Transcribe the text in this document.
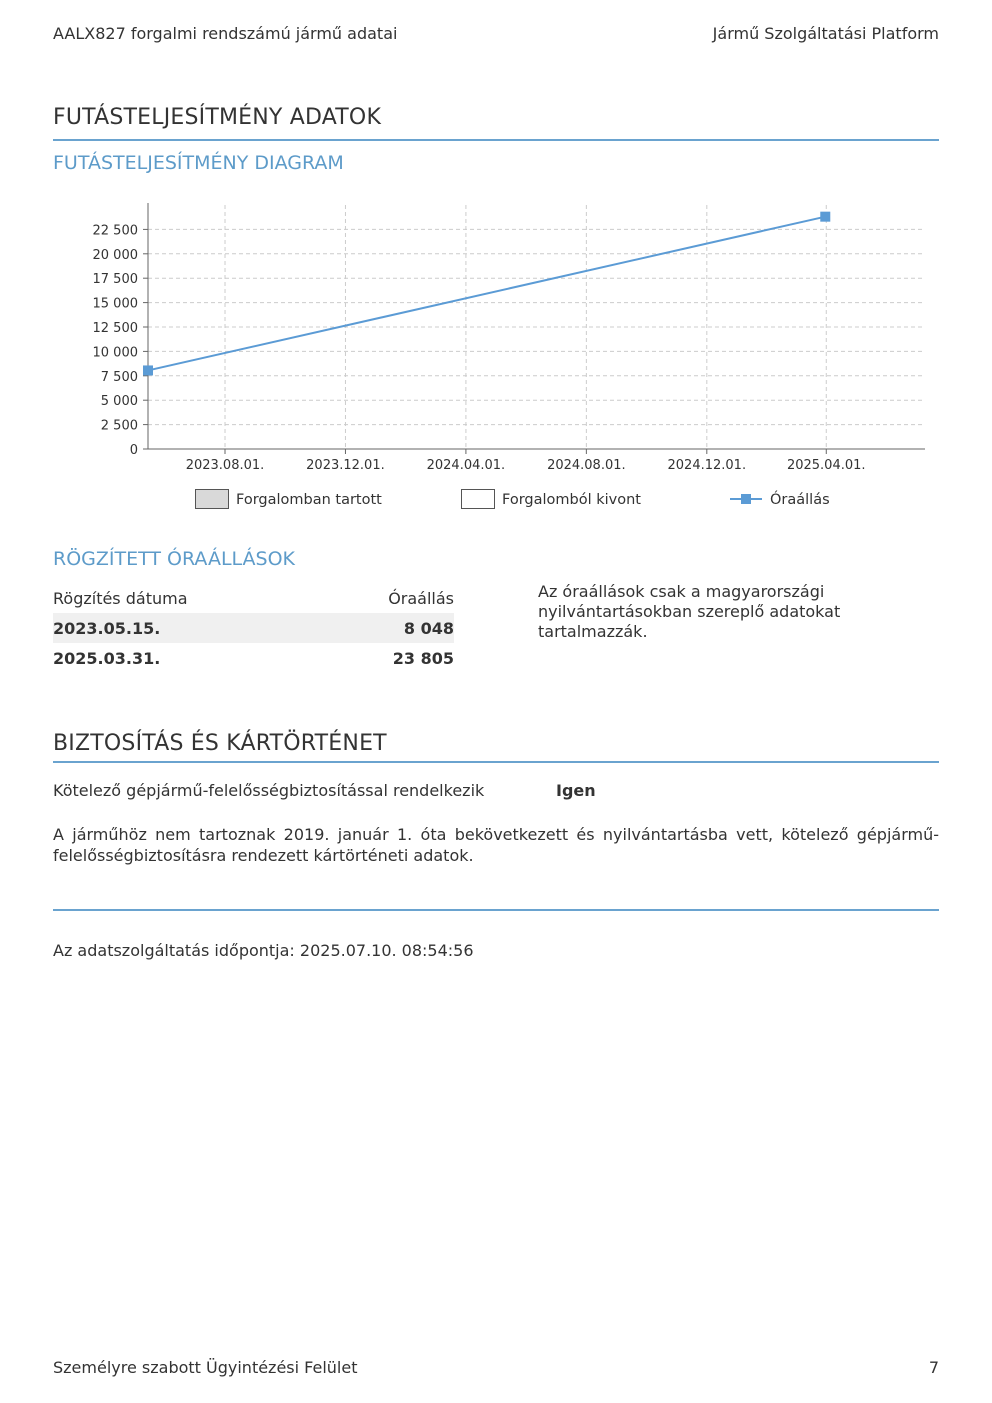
AALX827 forgalmi rendszámú jármű adatai	Jármű Szolgáltatási Platform
FUTÁSTELJESÍTMÉNY ADATOK
FUTÁSTELJESÍTMÉNY DIAGRAM
0
2 500
5 000
7 500
10 000
12 500
15 000
17 500
20 000
22 500
2023.08.01.	2023.12.01.	2024.04.01.	2024.08.01.	2024.12.01.	2025.04.01.
Forgalomban tartott	Forgalomból kivont	Óraállás
RÖGZÍTETT ÓRAÁLLÁSOK
Rögzítés dátuma	Óraállás
2023.05.15.	8 048
2025.03.31.	23 805
Az óraállások csak a magyarországi nyilvántartásokban szereplő adatokat tartalmazzák.
BIZTOSÍTÁS ÉS KÁRTÖRTÉNET
Kötelező gépjármű-felelősségbiztosítással rendelkezik	Igen
A járműhöz nem tartoznak 2019. január 1. óta bekövetkezett és nyilvántartásba vett, kötelező gépjármű-felelősségbiztosításra rendezett kártörténeti adatok.
Az adatszolgáltatás időpontja: 2025.07.10. 08:54:56
Személyre szabott Ügyintézési Felület	7
